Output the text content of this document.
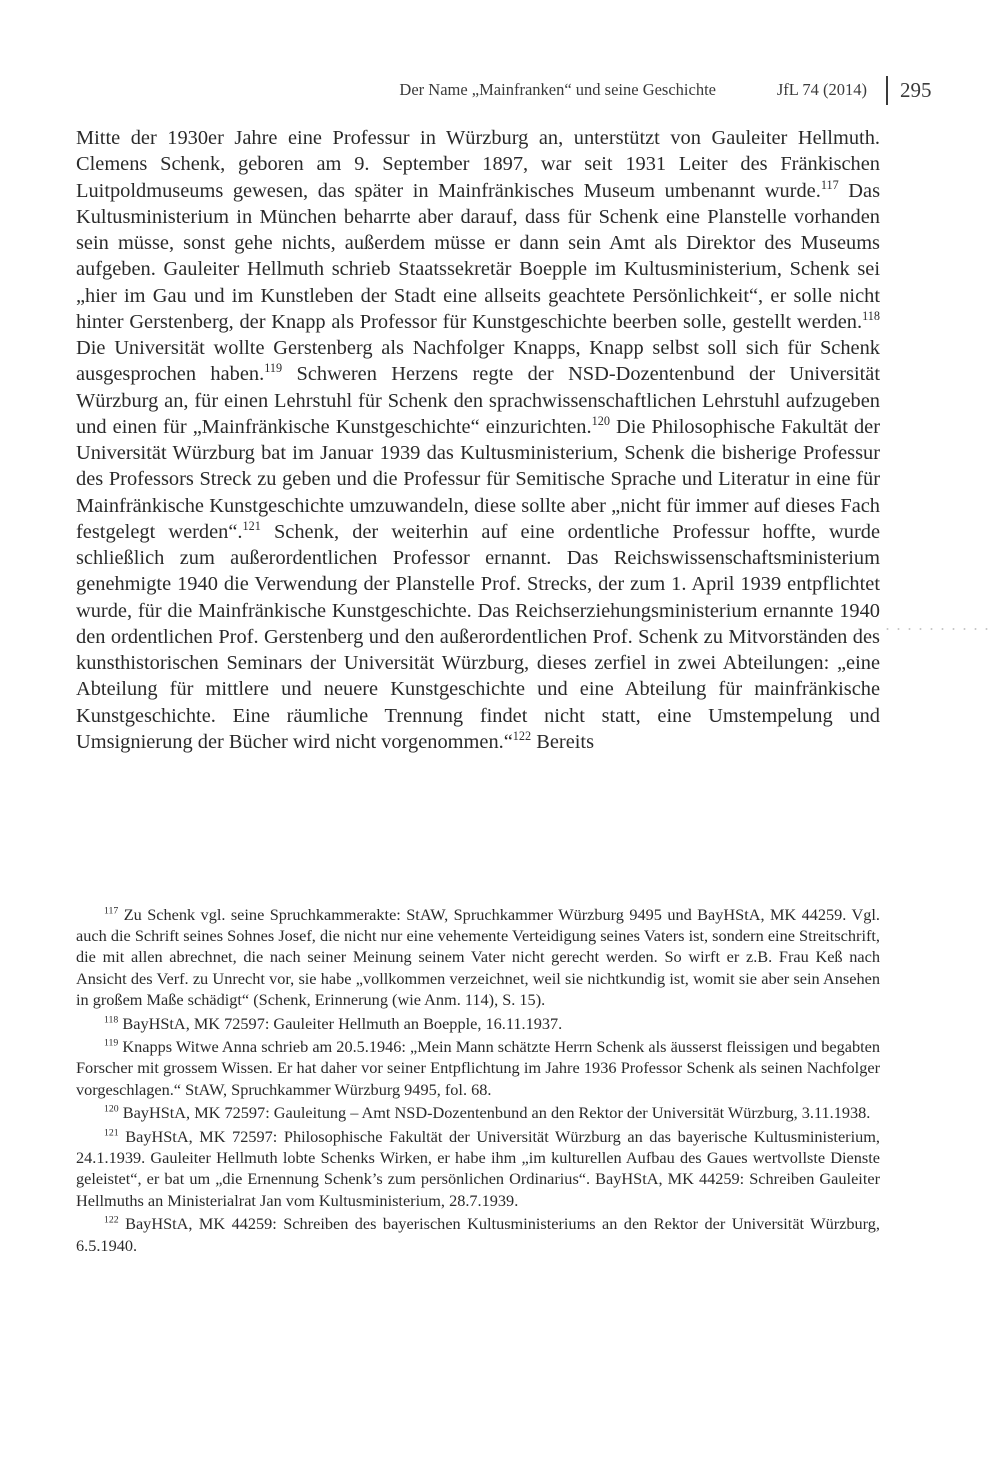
Der Name „Mainfranken“ und seine Geschichte	JfL 74 (2014) 295

Mitte der 1930er Jahre eine Professur in Würzburg an, unterstützt von Gauleiter Hellmuth. Clemens Schenk, geboren am 9. September 1897, war seit 1931 Leiter des Fränkischen Luitpoldmuseums gewesen, das später in Mainfränkisches Museum umbenannt wurde.$^{117}$ Das Kultusministerium in München beharrte aber darauf, dass für Schenk eine Planstelle vorhanden sein müsse, sonst gehe nichts, außerdem müsse er dann sein Amt als Direktor des Museums aufgeben. Gauleiter Hellmuth schrieb Staatssekretär Boepple im Kultusministerium, Schenk sei „hier im Gau und im Kunstleben der Stadt eine allseits geachtete Persönlichkeit“, er solle nicht hinter Gerstenberg, der Knapp als Professor für Kunstgeschichte beerben solle, gestellt werden.$^{118}$ Die Universität wollte Gerstenberg als Nachfolger Knapps, Knapp selbst soll sich für Schenk ausgesprochen haben.$^{119}$ Schweren Herzens regte der NSD-Dozentenbund der Universität Würzburg an, für einen Lehrstuhl für Schenk den sprachwissenschaftlichen Lehrstuhl aufzugeben und einen für „Mainfränkische Kunstgeschichte“ einzurichten.$^{120}$ Die Philosophische Fakultät der Universität Würzburg bat im Januar 1939 das Kultusministerium, Schenk die bisherige Professur des Professors Streck zu geben und die Professur für Semitische Sprache und Literatur in eine für Mainfränkische Kunstgeschichte umzuwandeln, diese sollte aber „nicht für immer auf dieses Fach festgelegt werden“.$^{121}$ Schenk, der weiterhin auf eine ordentliche Professur hoffte, wurde schließlich zum außerordentlichen Professor ernannt. Das Reichswissenschaftsministerium genehmigte 1940 die Verwendung der Planstelle Prof. Strecks, der zum 1. April 1939 entpflichtet wurde, für die Mainfränkische Kunstgeschichte. Das Reichserziehungsministerium ernannte 1940 den ordentlichen Prof. Gerstenberg und den außerordentlichen Prof. Schenk zu Mitvorständen des kunsthistorischen Seminars der Universität Würzburg, dieses zerfiel in zwei Abteilungen: „eine Abteilung für mittlere und neuere Kunstgeschichte und eine Abteilung für mainfränkische Kunstgeschichte. Eine räumliche Trennung findet nicht statt, eine Umstempelung und Umsignierung der Bücher wird nicht vorgenommen.“$^{122}$ Bereits

$^{117}$ Zu Schenk vgl. seine Spruchkammerakte: StAW, Spruchkammer Würzburg 9495 und BayHStA, MK 44259. Vgl. auch die Schrift seines Sohnes Josef, die nicht nur eine vehemente Verteidigung seines Vaters ist, sondern eine Streitschrift, die mit allen abrechnet, die nach seiner Meinung seinem Vater nicht gerecht werden. So wirft er z.B. Frau Keß nach Ansicht des Verf. zu Unrecht vor, sie habe „vollkommen verzeichnet, weil sie nichtkundig ist, womit sie aber sein Ansehen in großem Maße schädigt“ (Schenk, Erinnerung (wie Anm. 114), S. 15).

$^{118}$ BayHStA, MK 72597: Gauleiter Hellmuth an Boepple, 16.11.1937.

$^{119}$ Knapps Witwe Anna schrieb am 20.5.1946: „Mein Mann schätzte Herrn Schenk als äusserst fleissigen und begabten Forscher mit grossem Wissen. Er hat daher vor seiner Entpflichtung im Jahre 1936 Professor Schenk als seinen Nachfolger vorgeschlagen.“ StAW, Spruchkammer Würzburg 9495, fol. 68.

$^{120}$ BayHStA, MK 72597: Gauleitung – Amt NSD-Dozentenbund an den Rektor der Universität Würzburg, 3.11.1938.

$^{121}$ BayHStA, MK 72597: Philosophische Fakultät der Universität Würzburg an das bayerische Kultusministerium, 24.1.1939. Gauleiter Hellmuth lobte Schenks Wirken, er habe ihm „im kulturellen Aufbau des Gaues wertvollste Dienste geleistet“, er bat um „die Ernennung Schenk’s zum persönlichen Ordinarius“. BayHStA, MK 44259: Schreiben Gauleiter Hellmuths an Ministerialrat Jan vom Kultusministerium, 28.7.1939.

$^{122}$ BayHStA, MK 44259: Schreiben des bayerischen Kultusministeriums an den Rektor der Universität Würzburg, 6.5.1940.
